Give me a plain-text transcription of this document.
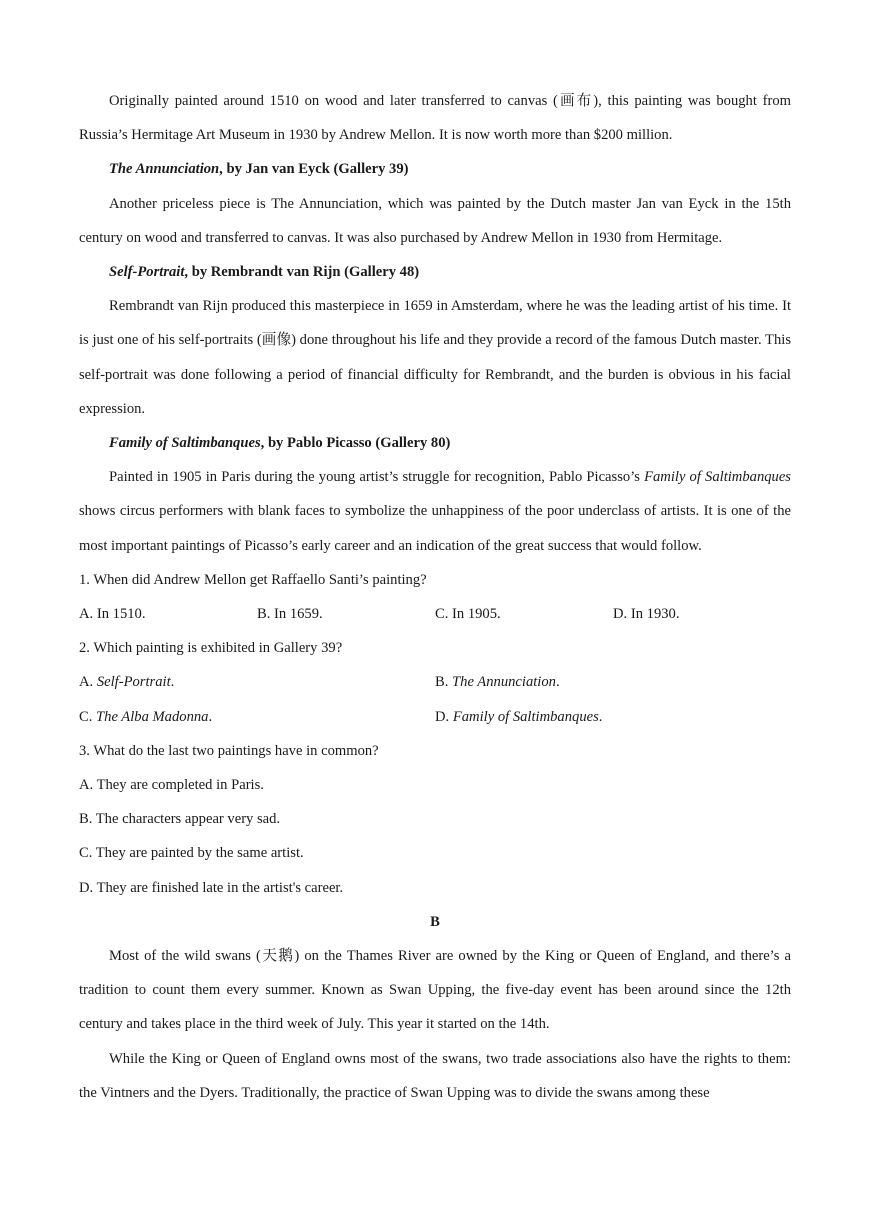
Originally painted around 1510 on wood and later transferred to canvas (画布), this painting was bought from Russia’s Hermitage Art Museum in 1930 by Andrew Mellon. It is now worth more than $200 million.

The Annunciation, by Jan van Eyck (Gallery 39)

Another priceless piece is The Annunciation, which was painted by the Dutch master Jan van Eyck in the 15th century on wood and transferred to canvas. It was also purchased by Andrew Mellon in 1930 from Hermitage.

Self-Portrait, by Rembrandt van Rijn (Gallery 48)

Rembrandt van Rijn produced this masterpiece in 1659 in Amsterdam, where he was the leading artist of his time. It is just one of his self-portraits (画像) done throughout his life and they provide a record of the famous Dutch master. This self-portrait was done following a period of financial difficulty for Rembrandt, and the burden is obvious in his facial expression.

Family of Saltimbanques, by Pablo Picasso (Gallery 80)

Painted in 1905 in Paris during the young artist’s struggle for recognition, Pablo Picasso’s Family of Saltimbanques shows circus performers with blank faces to symbolize the unhappiness of the poor underclass of artists. It is one of the most important paintings of Picasso’s early career and an indication of the great success that would follow.

1. When did Andrew Mellon get Raffaello Santi’s painting?

A. In 1510.	B. In 1659.	C. In 1905.	D. In 1930.

2. Which painting is exhibited in Gallery 39?

A. Self-Portrait.	B. The Annunciation.
C. The Alba Madonna.	D. Family of Saltimbanques.

3. What do the last two paintings have in common?

A. They are completed in Paris.

B. The characters appear very sad.

C. They are painted by the same artist.

D. They are finished late in the artist's career.

B

Most of the wild swans (天鹅) on the Thames River are owned by the King or Queen of England, and there’s a tradition to count them every summer. Known as Swan Upping, the five-day event has been around since the 12th century and takes place in the third week of July. This year it started on the 14th.

While the King or Queen of England owns most of the swans, two trade associations also have the rights to them: the Vintners and the Dyers. Traditionally, the practice of Swan Upping was to divide the swans among these
